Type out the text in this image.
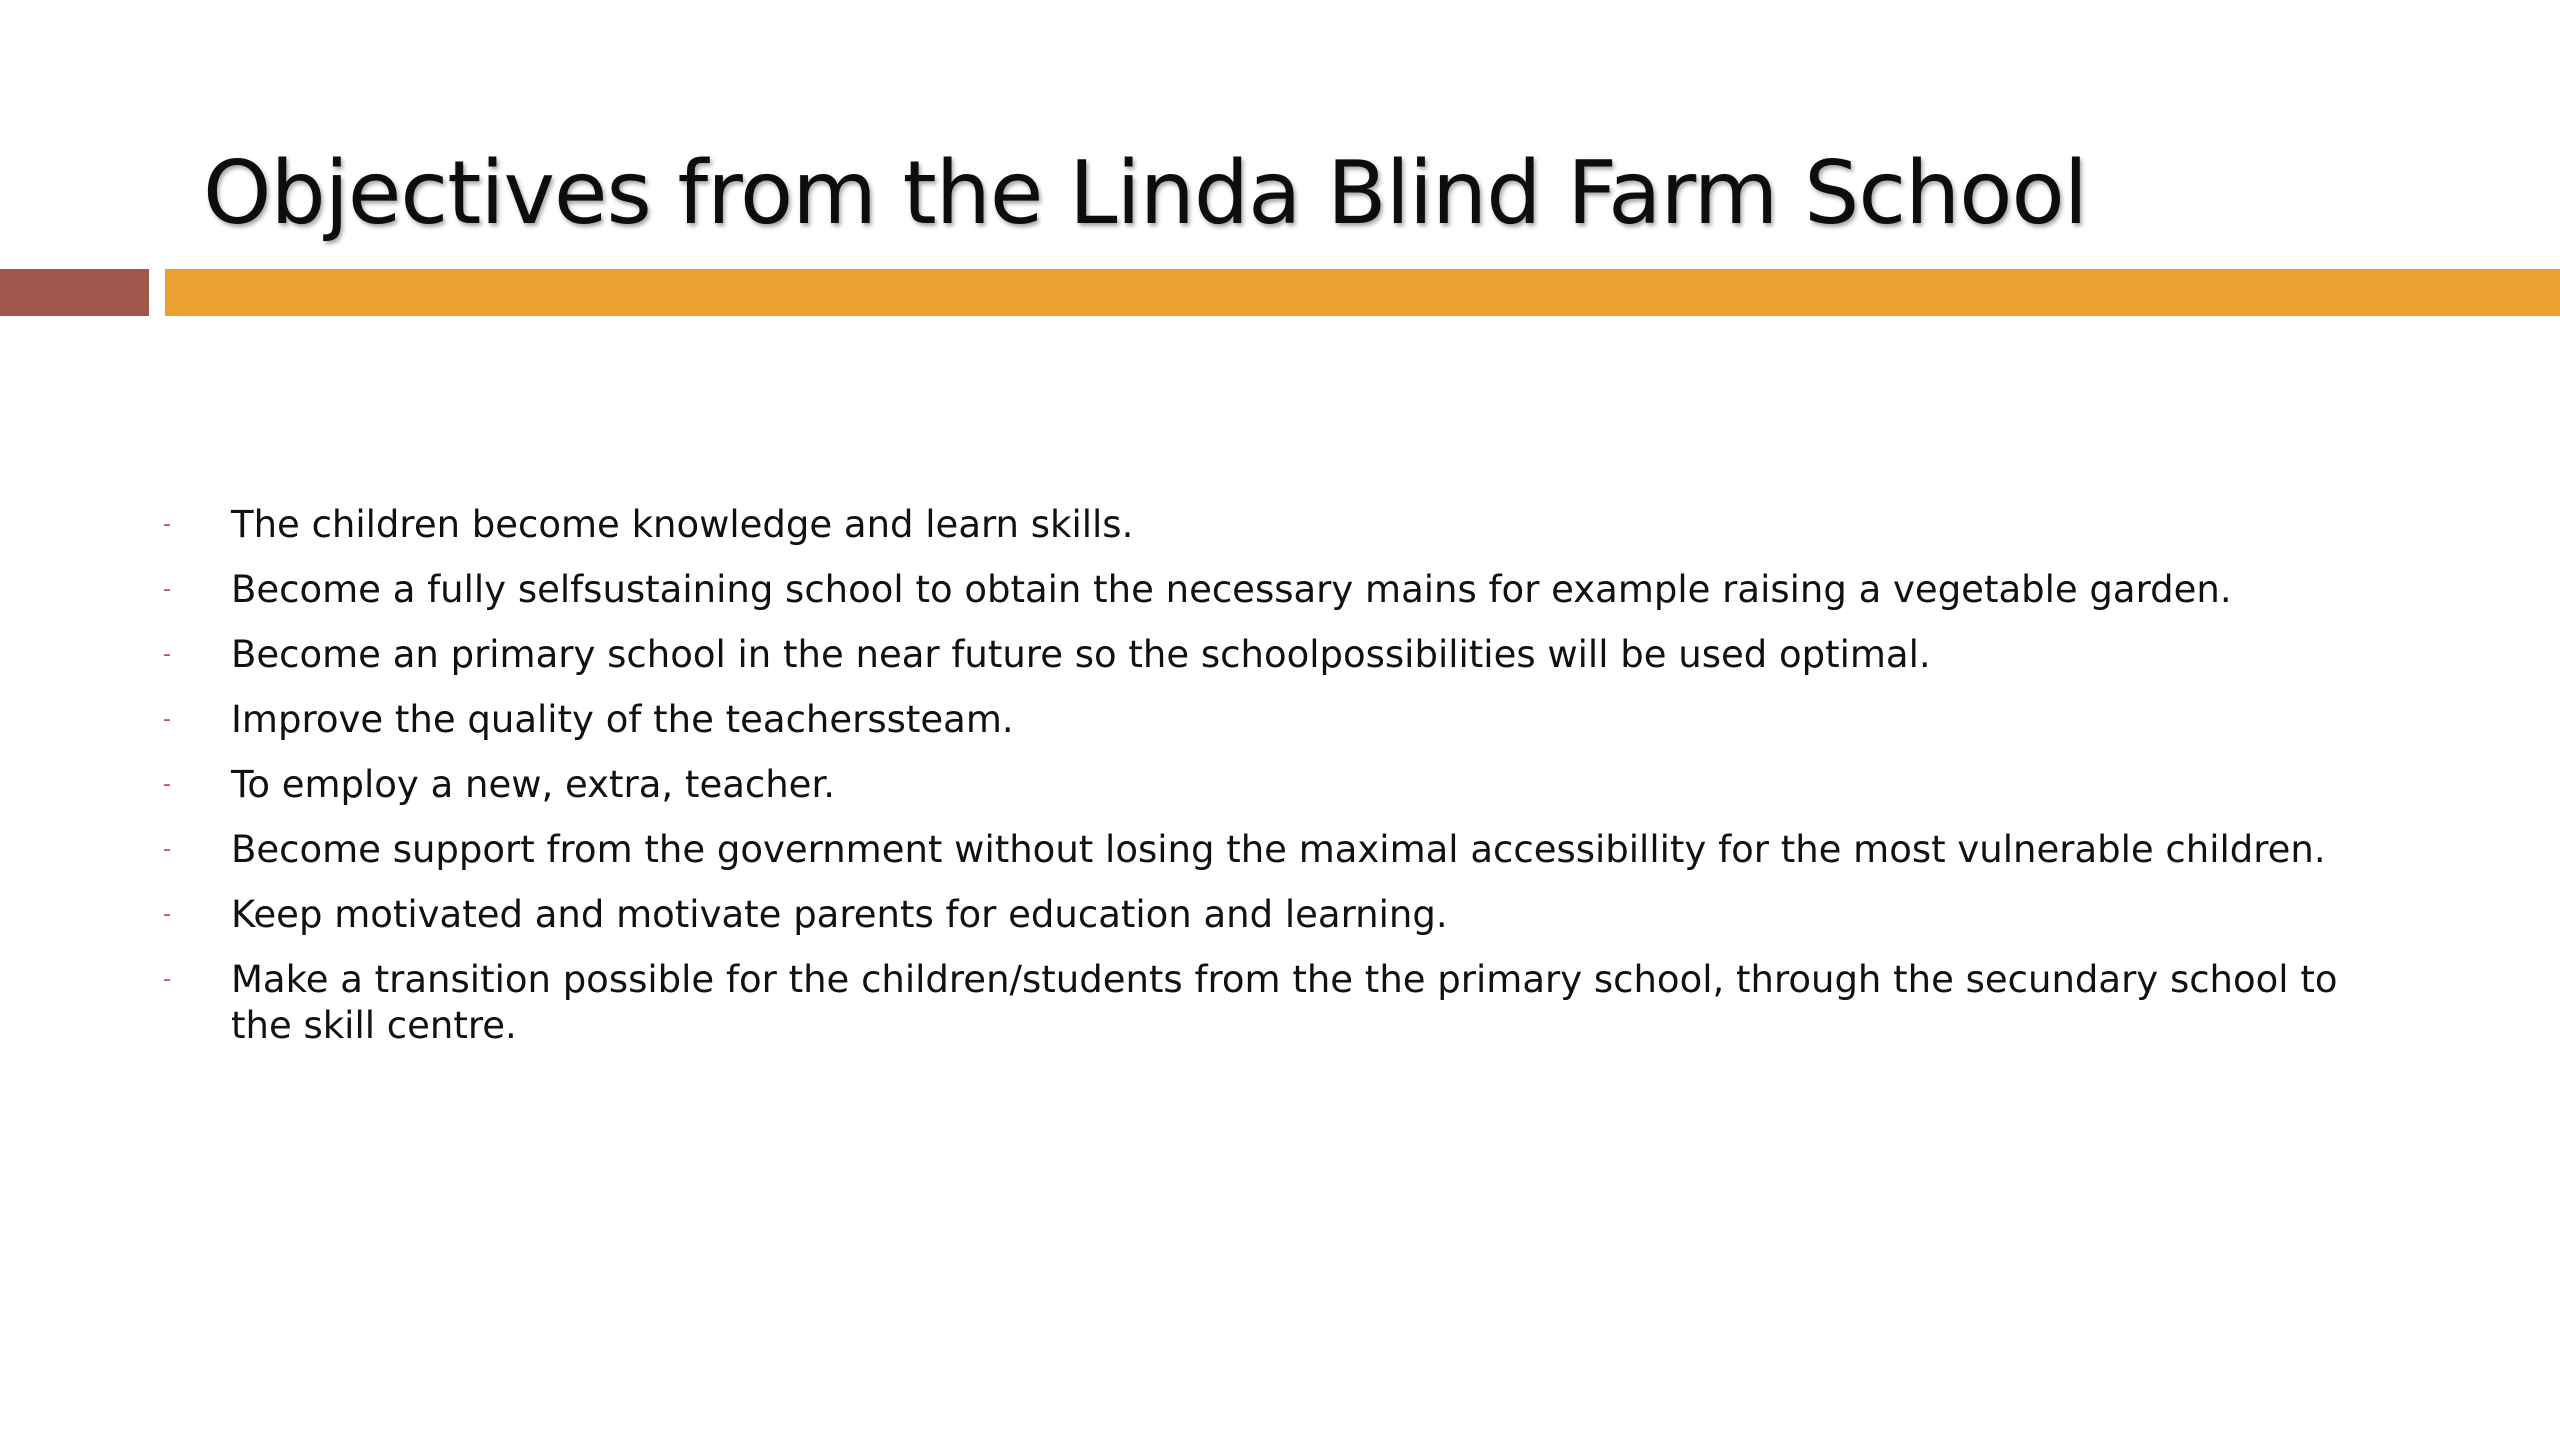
Objectives from the Linda Blind Farm School
-	The children become knowledge and learn skills.
-	Become a fully selfsustaining school to obtain the necessary mains for example raising a vegetable garden.
-	Become an primary school in the near future so the schoolpossibilities will be used optimal.
-	Improve the quality of the teacherssteam.
-	To employ a new, extra, teacher.
-	Become support from the government without losing the maximal accessibillity for the most vulnerable children.
-	Keep motivated and motivate parents for education and learning.
-	Make a transition possible for the children/students from the the primary school, through the secundary school to the skill centre.
